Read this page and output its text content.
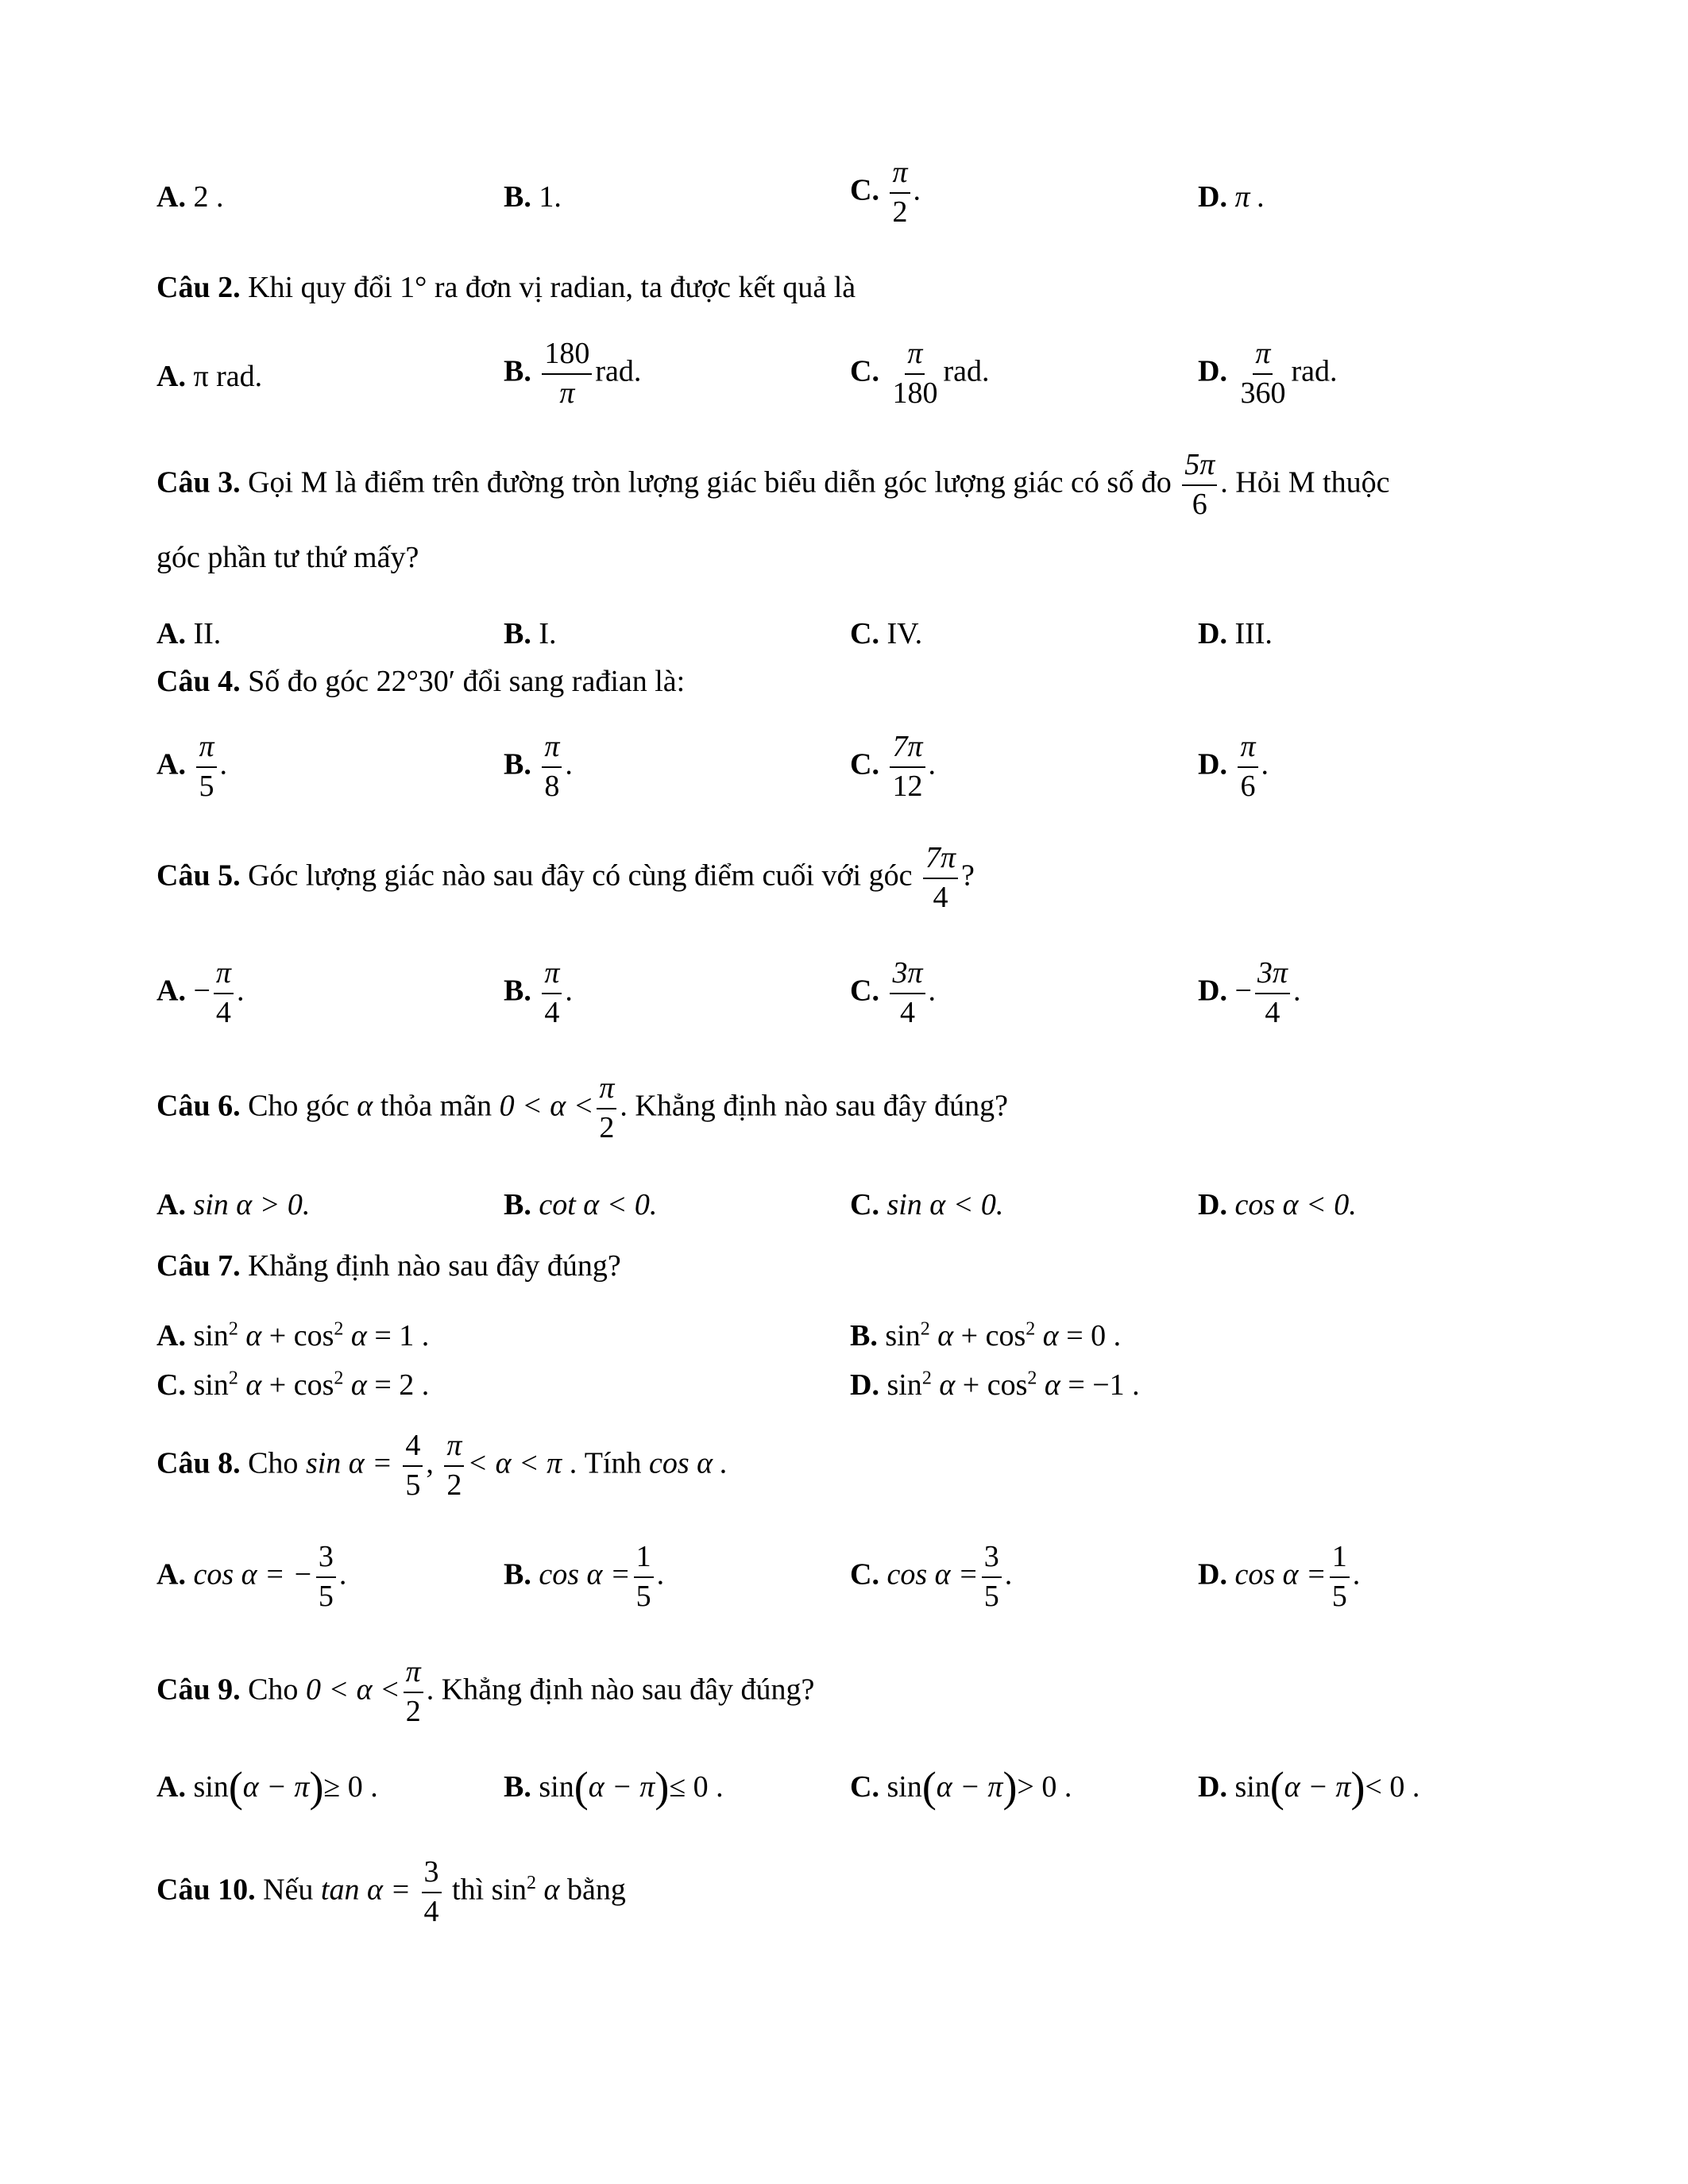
A. 2 .	B. 1.	C. $\frac{\pi}{2}$ .	D. π .
Câu 2. Khi quy đổi 1° ra đơn vị radian, ta được kết quả là
A. π rad.	B. $\frac{180}{\pi}$ rad.	C. $\frac{\pi}{180}$ rad.	D. $\frac{\pi}{360}$ rad.
Câu 3. Gọi M là điểm trên đường tròn lượng giác biểu diễn góc lượng giác có số đo $\frac{5\pi}{6}$ . Hỏi M thuộc
góc phần tư thứ mấy?
A. II.	B. I.	C. IV.	D. III.
Câu 4. Số đo góc 22°30′ đổi sang rađian là:
A. $\frac{\pi}{5}$ .	B. $\frac{\pi}{8}$ .	C. $\frac{7\pi}{12}$ .	D. $\frac{\pi}{6}$ .
Câu 5. Góc lượng giác nào sau đây có cùng điểm cuối với góc $\frac{7\pi}{4}$ ?
A. − $\frac{\pi}{4}$ .	B. $\frac{\pi}{4}$ .	C. $\frac{3\pi}{4}$ .	D. − $\frac{3\pi}{4}$ .
Câu 6. Cho góc α thỏa mãn $0 < \alpha < \frac{\pi}{2}$ . Khẳng định nào sau đây đúng?
A. sin α > 0.	B. cot α < 0.	C. sin α < 0.	D. cos α < 0.
Câu 7. Khẳng định nào sau đây đúng?
A. $\sin^2 \alpha + \cos^2 \alpha = 1$ .	B. $\sin^2 \alpha + \cos^2 \alpha = 0$ .
C. $\sin^2 \alpha + \cos^2 \alpha = 2$ .	D. $\sin^2 \alpha + \cos^2 \alpha = -1$ .
Câu 8. Cho $\sin \alpha = \frac{4}{5}$ , $\frac{\pi}{2} < \alpha < \pi$ . Tính cos α .
A. cos α = − $\frac{3}{5}$ .	B. $\cos \alpha = \frac{1}{5}$ .	C. $\cos \alpha = \frac{3}{5}$ .	D. $\cos \alpha = \frac{1}{5}$ .
Câu 9. Cho $0 < \alpha < \frac{\pi}{2}$ . Khẳng định nào sau đây đúng?
A. sin(α − π)≥ 0 .	B. sin(α − π)≤ 0 .	C. sin(α − π)> 0 .	D. sin(α − π)< 0 .
Câu 10. Nếu $\tan \alpha = \frac{3}{4}$ thì $\sin^2 \alpha$ bằng
